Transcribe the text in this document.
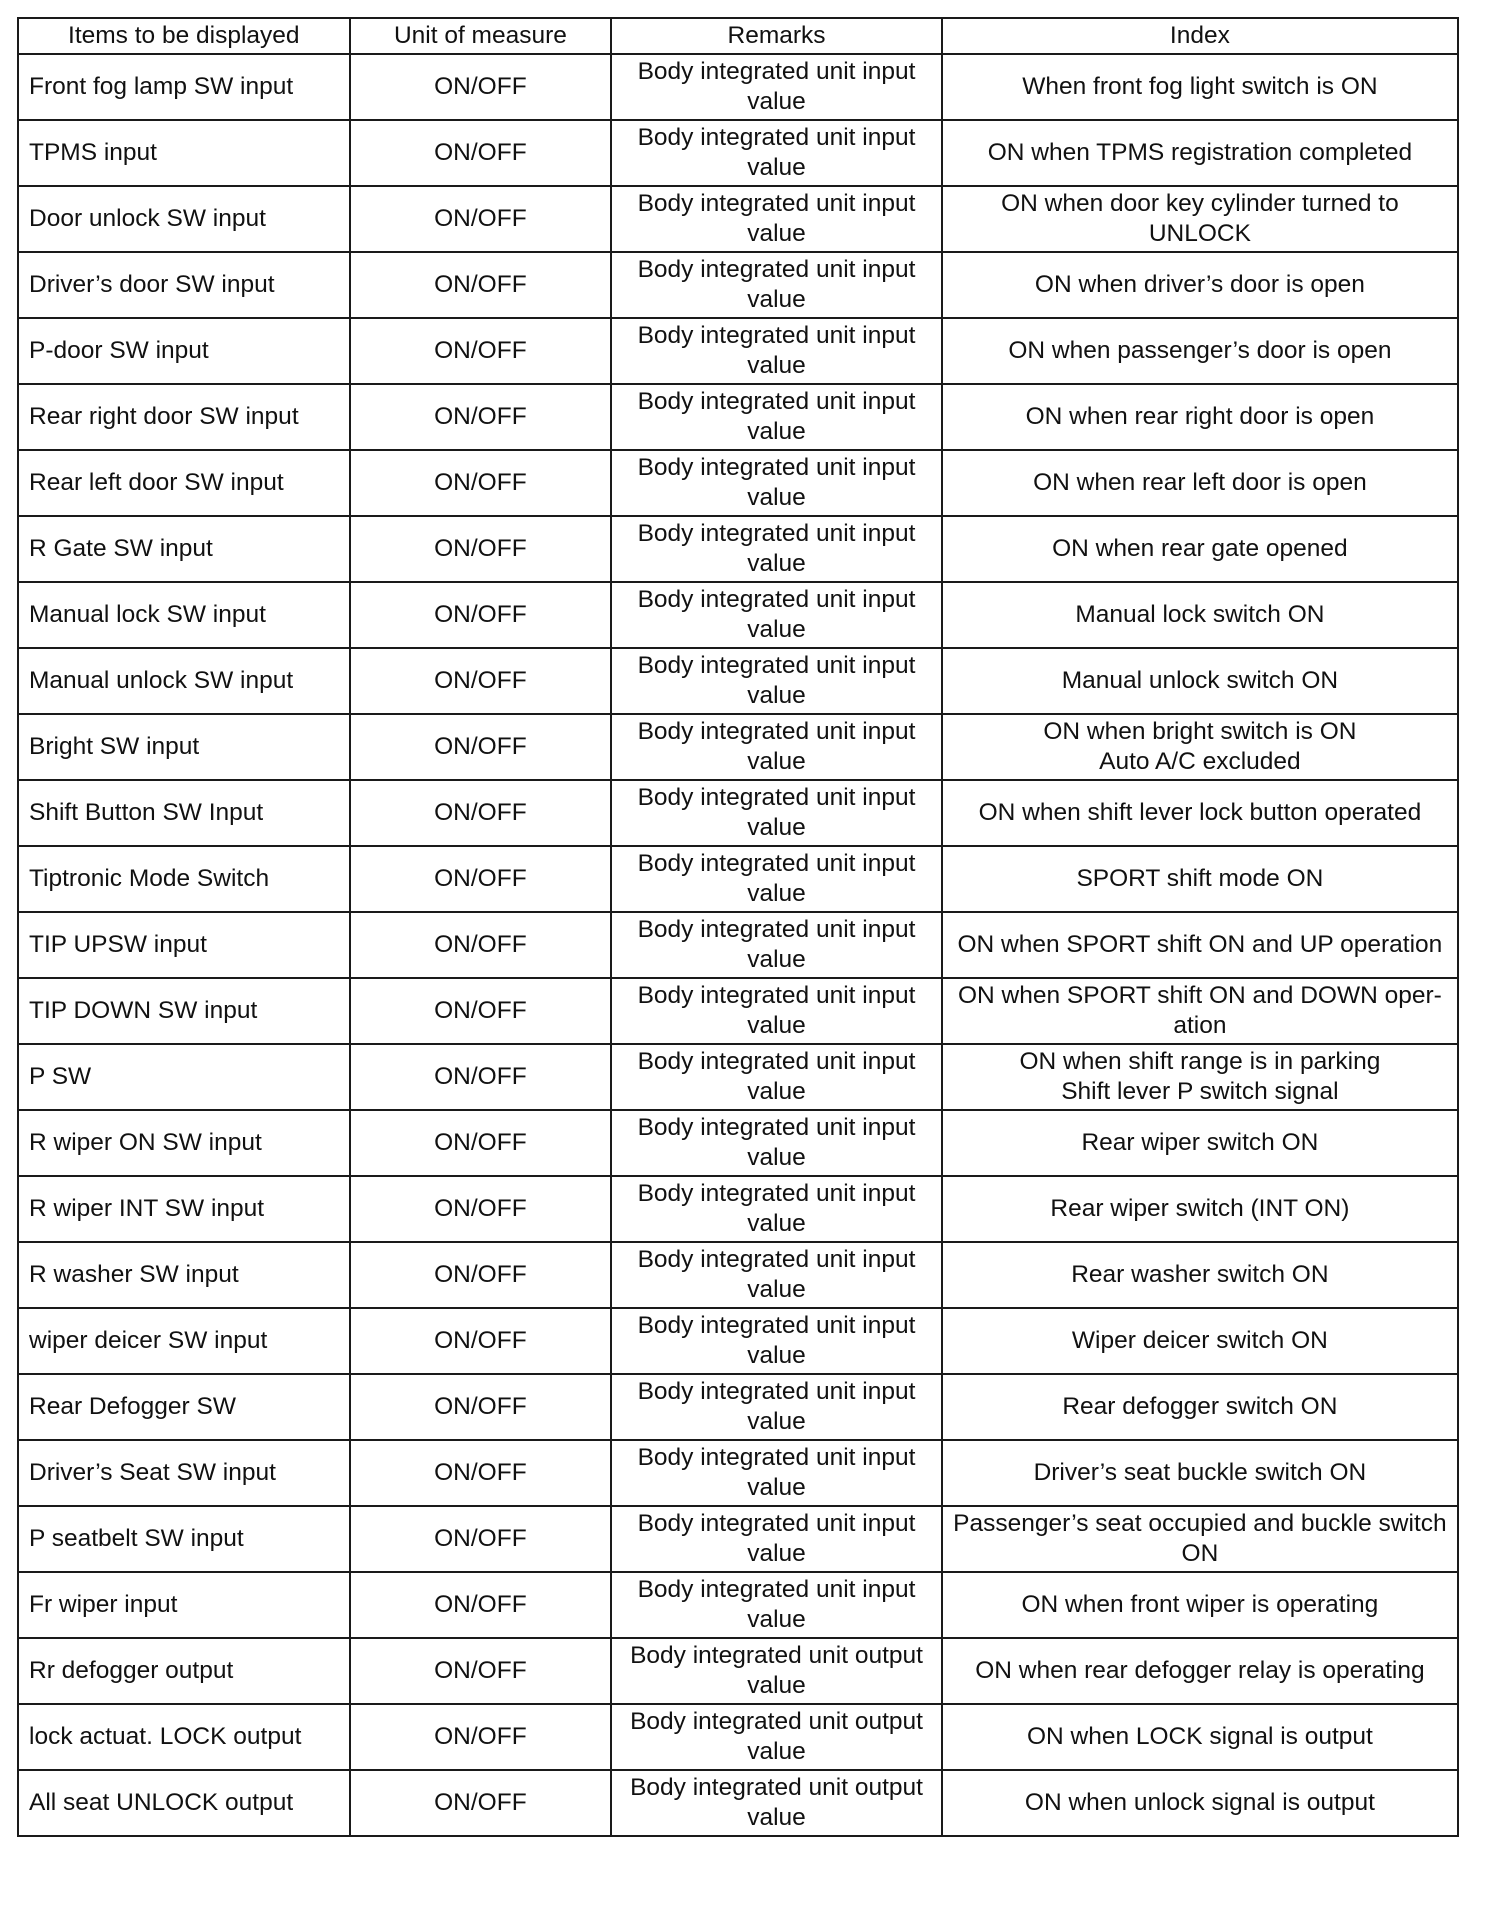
Items to be displayed	Unit of measure	Remarks	Index
Front fog lamp SW input	ON/OFF	Body integrated unit input value	When front fog light switch is ON
TPMS input	ON/OFF	Body integrated unit input value	ON when TPMS registration completed
Door unlock SW input	ON/OFF	Body integrated unit input value	ON when door key cylinder turned to UNLOCK
Driver’s door SW input	ON/OFF	Body integrated unit input value	ON when driver’s door is open
P-door SW input	ON/OFF	Body integrated unit input value	ON when passenger’s door is open
Rear right door SW input	ON/OFF	Body integrated unit input value	ON when rear right door is open
Rear left door SW input	ON/OFF	Body integrated unit input value	ON when rear left door is open
R Gate SW input	ON/OFF	Body integrated unit input value	ON when rear gate opened
Manual lock SW input	ON/OFF	Body integrated unit input value	Manual lock switch ON
Manual unlock SW input	ON/OFF	Body integrated unit input value	Manual unlock switch ON
Bright SW input	ON/OFF	Body integrated unit input value	ON when bright switch is ON
Auto A/C excluded
Shift Button SW Input	ON/OFF	Body integrated unit input value	ON when shift lever lock button operated
Tiptronic Mode Switch	ON/OFF	Body integrated unit input value	SPORT shift mode ON
TIP UPSW input	ON/OFF	Body integrated unit input value	ON when SPORT shift ON and UP operation
TIP DOWN SW input	ON/OFF	Body integrated unit input value	ON when SPORT shift ON and DOWN oper-
ation
P SW	ON/OFF	Body integrated unit input value	ON when shift range is in parking
Shift lever P switch signal
R wiper ON SW input	ON/OFF	Body integrated unit input value	Rear wiper switch ON
R wiper INT SW input	ON/OFF	Body integrated unit input value	Rear wiper switch (INT ON)
R washer SW input	ON/OFF	Body integrated unit input value	Rear washer switch ON
wiper deicer SW input	ON/OFF	Body integrated unit input value	Wiper deicer switch ON
Rear Defogger SW	ON/OFF	Body integrated unit input value	Rear defogger switch ON
Driver’s Seat SW input	ON/OFF	Body integrated unit input value	Driver’s seat buckle switch ON
P seatbelt SW input	ON/OFF	Body integrated unit input value	Passenger’s seat occupied and buckle switch ON
Fr wiper input	ON/OFF	Body integrated unit input value	ON when front wiper is operating
Rr defogger output	ON/OFF	Body integrated unit output value	ON when rear defogger relay is operating
lock actuat. LOCK output	ON/OFF	Body integrated unit output value	ON when LOCK signal is output
All seat UNLOCK output	ON/OFF	Body integrated unit output value	ON when unlock signal is output
